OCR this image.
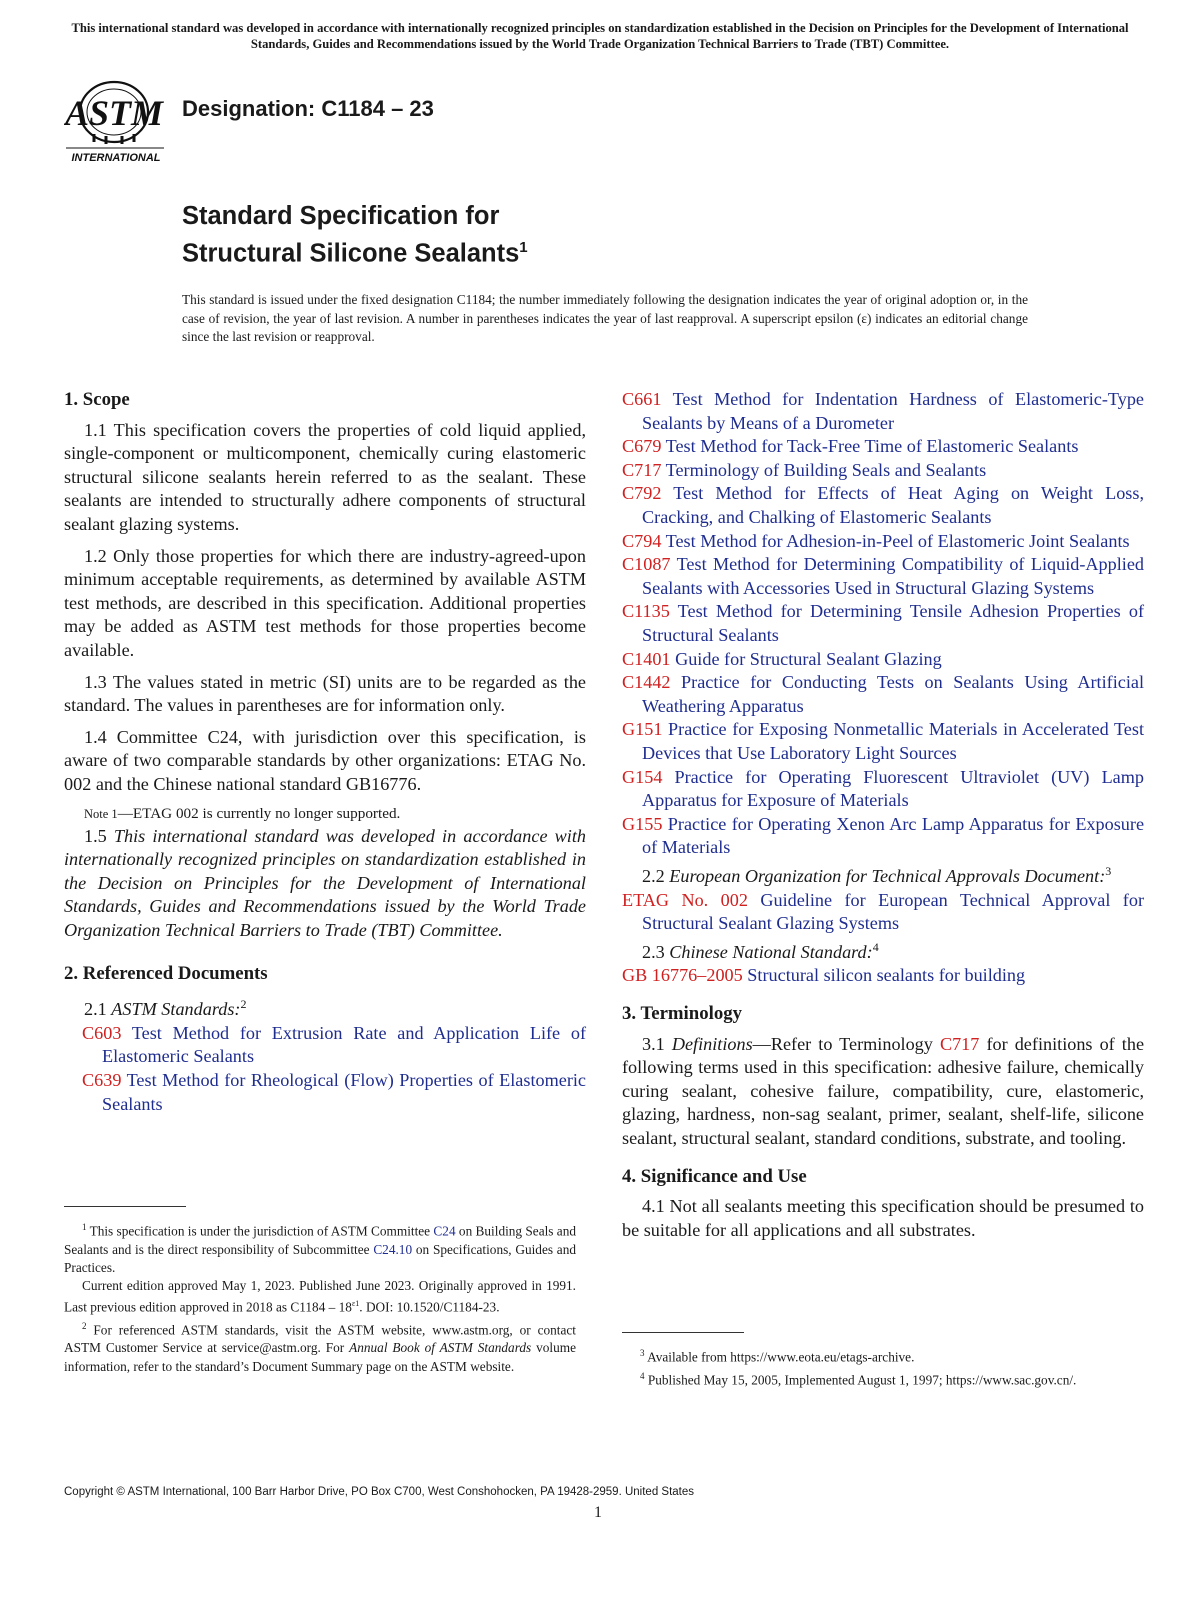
This international standard was developed in accordance with internationally recognized principles on standardization established in the Decision on Principles for the Development of International Standards, Guides and Recommendations issued by the World Trade Organization Technical Barriers to Trade (TBT) Committee.
ASTM
INTERNATIONAL
Designation: C1184 – 23
Standard Specification for
Structural Silicone Sealants$^1$
This standard is issued under the fixed designation C1184; the number immediately following the designation indicates the year of original adoption or, in the case of revision, the year of last revision. A number in parentheses indicates the year of last reapproval. A superscript epsilon (ε) indicates an editorial change since the last revision or reapproval.

1. Scope

1.1 This specification covers the properties of cold liquid applied, single-component or multicomponent, chemically curing elastomeric structural silicone sealants herein referred to as the sealant. These sealants are intended to structurally adhere components of structural sealant glazing systems.

1.2 Only those properties for which there are industry-agreed-upon minimum acceptable requirements, as determined by available ASTM test methods, are described in this specification. Additional properties may be added as ASTM test methods for those properties become available.

1.3 The values stated in metric (SI) units are to be regarded as the standard. The values in parentheses are for information only.

1.4 Committee C24, with jurisdiction over this specification, is aware of two comparable standards by other organizations: ETAG No. 002 and the Chinese national standard GB16776.

Note 1—ETAG 002 is currently no longer supported.

1.5 This international standard was developed in accordance with internationally recognized principles on standardization established in the Decision on Principles for the Development of International Standards, Guides and Recommendations issued by the World Trade Organization Technical Barriers to Trade (TBT) Committee.

2. Referenced Documents

2.1 ASTM Standards:$^2$

C603 Test Method for Extrusion Rate and Application Life of Elastomeric Sealants

C639 Test Method for Rheological (Flow) Properties of Elastomeric Sealants

$^1$ This specification is under the jurisdiction of ASTM Committee C24 on Building Seals and Sealants and is the direct responsibility of Subcommittee C24.10 on Specifications, Guides and Practices.

Current edition approved May 1, 2023. Published June 2023. Originally approved in 1991. Last previous edition approved in 2018 as $C1184 - 18^{\varepsilon 1}$. DOI: 10.1520/C1184-23.

$^2$ For referenced ASTM standards, visit the ASTM website, www.astm.org, or contact ASTM Customer Service at service@astm.org. For Annual Book of ASTM Standards volume information, refer to the standard’s Document Summary page on the ASTM website.

C661 Test Method for Indentation Hardness of Elastomeric-Type Sealants by Means of a Durometer

C679 Test Method for Tack-Free Time of Elastomeric Sealants

C717 Terminology of Building Seals and Sealants

C792 Test Method for Effects of Heat Aging on Weight Loss, Cracking, and Chalking of Elastomeric Sealants

C794 Test Method for Adhesion-in-Peel of Elastomeric Joint Sealants

C1087 Test Method for Determining Compatibility of Liquid-Applied Sealants with Accessories Used in Structural Glazing Systems

C1135 Test Method for Determining Tensile Adhesion Properties of Structural Sealants

C1401 Guide for Structural Sealant Glazing

C1442 Practice for Conducting Tests on Sealants Using Artificial Weathering Apparatus

G151 Practice for Exposing Nonmetallic Materials in Accelerated Test Devices that Use Laboratory Light Sources

G154 Practice for Operating Fluorescent Ultraviolet (UV) Lamp Apparatus for Exposure of Materials

G155 Practice for Operating Xenon Arc Lamp Apparatus for Exposure of Materials

2.2 European Organization for Technical Approvals Document:$^3$

ETAG No. 002 Guideline for European Technical Approval for Structural Sealant Glazing Systems

2.3 Chinese National Standard:$^4$

GB 16776–2005 Structural silicon sealants for building

3. Terminology

3.1 Definitions—Refer to Terminology C717 for definitions of the following terms used in this specification: adhesive failure, chemically curing sealant, cohesive failure, compatibility, cure, elastomeric, glazing, hardness, non-sag sealant, primer, sealant, shelf-life, silicone sealant, structural sealant, standard conditions, substrate, and tooling.

4. Significance and Use

4.1 Not all sealants meeting this specification should be presumed to be suitable for all applications and all substrates.

$^3$ Available from https://www.eota.eu/etags-archive.

$^4$ Published May 15, 2005, Implemented August 1, 1997; https://www.sac.gov.cn/.

Copyright © ASTM International, 100 Barr Harbor Drive, PO Box C700, West Conshohocken, PA 19428-2959. United States
1
